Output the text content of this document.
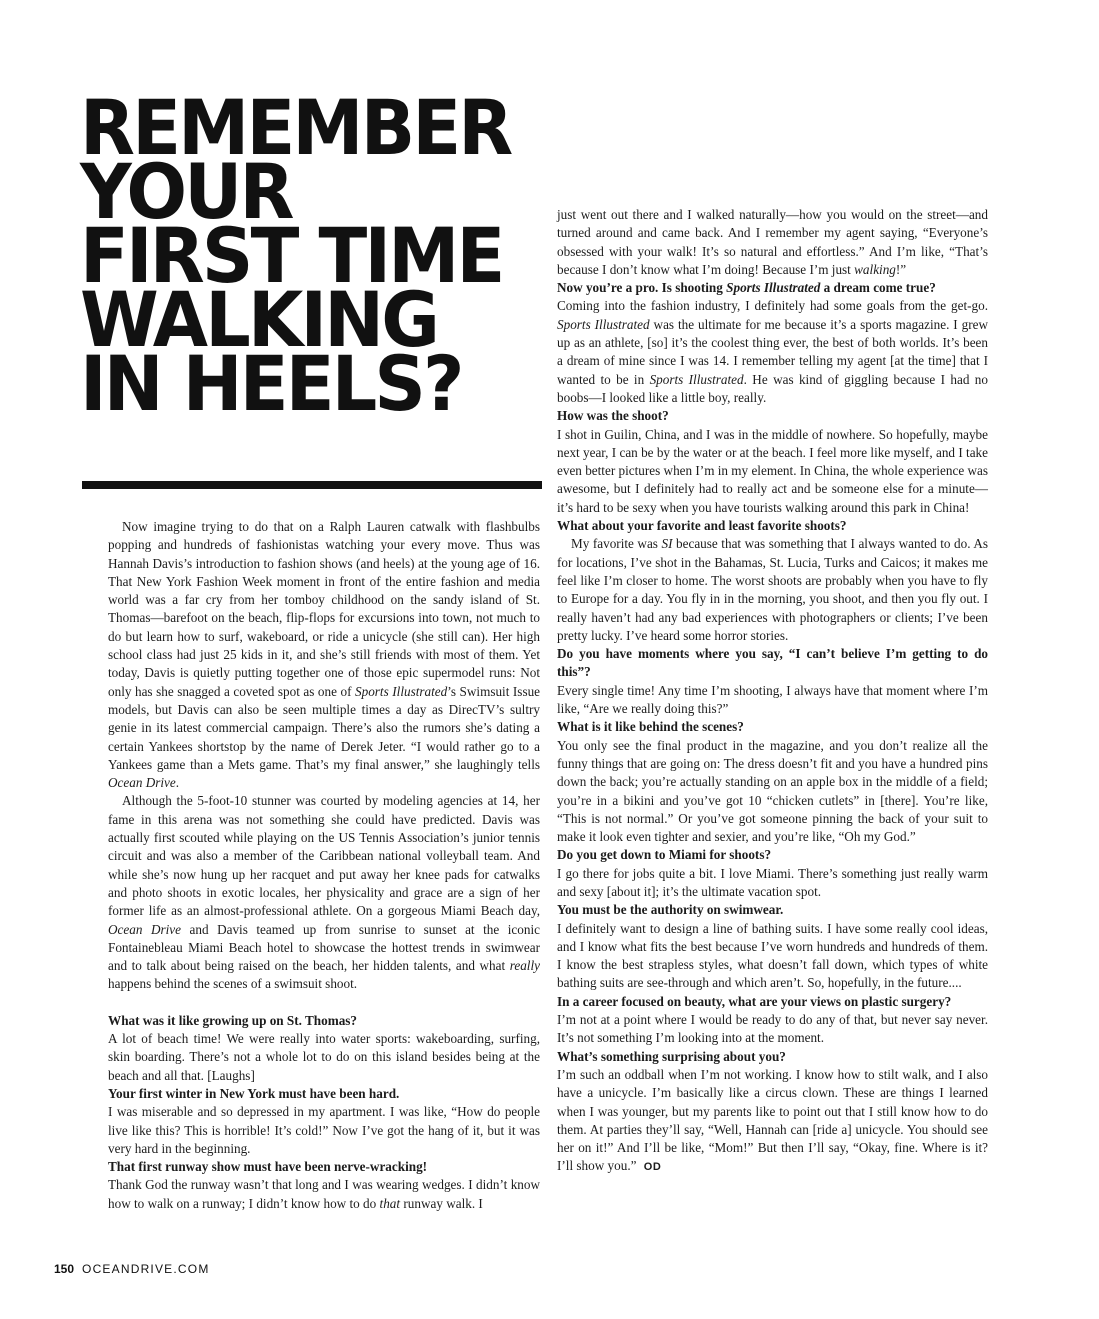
REMEMBER
YOUR
FIRST TIME
WALKING
IN HEELS?

Now imagine trying to do that on a Ralph Lauren catwalk with flashbulbs popping and hundreds of fashionistas watching your every move. Thus was Hannah Davis’s introduction to fashion shows (and heels) at the young age of 16. That New York Fashion Week moment in front of the entire fashion and media world was a far cry from her tomboy childhood on the sandy island of St. Thomas—barefoot on the beach, flip-flops for excursions into town, not much to do but learn how to surf, wakeboard, or ride a unicycle (she still can). Her high school class had just 25 kids in it, and she’s still friends with most of them. Yet today, Davis is quietly putting together one of those epic supermodel runs: Not only has she snagged a coveted spot as one of Sports Illustrated’s Swimsuit Issue models, but Davis can also be seen multiple times a day as DirecTV’s sultry genie in its latest commercial campaign. There’s also the rumors she’s dating a certain Yankees shortstop by the name of Derek Jeter. “I would rather go to a Yankees game than a Mets game. That’s my final answer,” she laughingly tells Ocean Drive.

Although the 5-foot-10 stunner was courted by modeling agencies at 14, her fame in this arena was not something she could have predicted. Davis was actually first scouted while playing on the US Tennis Association’s junior tennis circuit and was also a member of the Caribbean national volleyball team. And while she’s now hung up her racquet and put away her knee pads for catwalks and photo shoots in exotic locales, her physicality and grace are a sign of her former life as an almost-professional athlete. On a gorgeous Miami Beach day, Ocean Drive and Davis teamed up from sunrise to sunset at the iconic Fontainebleau Miami Beach hotel to showcase the hottest trends in swimwear and to talk about being raised on the beach, her hidden talents, and what really happens behind the scenes of a swimsuit shoot.

What was it like growing up on St. Thomas?

A lot of beach time! We were really into water sports: wakeboarding, surfing, skin boarding. There’s not a whole lot to do on this island besides being at the beach and all that. [Laughs]

Your first winter in New York must have been hard.

I was miserable and so depressed in my apartment. I was like, “How do people live like this? This is horrible! It’s cold!” Now I’ve got the hang of it, but it was very hard in the beginning.

That first runway show must have been nerve-wracking!

Thank God the runway wasn’t that long and I was wearing wedges. I didn’t know how to walk on a runway; I didn’t know how to do that runway walk. I

just went out there and I walked naturally—how you would on the street—and turned around and came back. And I remember my agent saying, “Everyone’s obsessed with your walk! It’s so natural and effortless.” And I’m like, “That’s because I don’t know what I’m doing! Because I’m just walking!”

Now you’re a pro. Is shooting Sports Illustrated a dream come true?

Coming into the fashion industry, I definitely had some goals from the get-go. Sports Illustrated was the ultimate for me because it’s a sports magazine. I grew up as an athlete, [so] it’s the coolest thing ever, the best of both worlds. It’s been a dream of mine since I was 14. I remember telling my agent [at the time] that I wanted to be in Sports Illustrated. He was kind of giggling because I had no boobs—I looked like a little boy, really.

How was the shoot?

I shot in Guilin, China, and I was in the middle of nowhere. So hopefully, maybe next year, I can be by the water or at the beach. I feel more like myself, and I take even better pictures when I’m in my element. In China, the whole experience was awesome, but I definitely had to really act and be someone else for a minute—it’s hard to be sexy when you have tourists walking around this park in China!

What about your favorite and least favorite shoots?

My favorite was SI because that was something that I always wanted to do. As for locations, I’ve shot in the Bahamas, St. Lucia, Turks and Caicos; it makes me feel like I’m closer to home. The worst shoots are probably when you have to fly to Europe for a day. You fly in in the morning, you shoot, and then you fly out. I really haven’t had any bad experiences with photographers or clients; I’ve been pretty lucky. I’ve heard some horror stories.

Do you have moments where you say, “I can’t believe I’m getting to do this”?

Every single time! Any time I’m shooting, I always have that moment where I’m like, “Are we really doing this?”

What is it like behind the scenes?

You only see the final product in the magazine, and you don’t realize all the funny things that are going on: The dress doesn’t fit and you have a hundred pins down the back; you’re actually standing on an apple box in the middle of a field; you’re in a bikini and you’ve got 10 “chicken cutlets” in [there]. You’re like, “This is not normal.” Or you’ve got someone pinning the back of your suit to make it look even tighter and sexier, and you’re like, “Oh my God.”

Do you get down to Miami for shoots?

I go there for jobs quite a bit. I love Miami. There’s something just really warm and sexy [about it]; it’s the ultimate vacation spot.

You must be the authority on swimwear.

I definitely want to design a line of bathing suits. I have some really cool ideas, and I know what fits the best because I’ve worn hundreds and hundreds of them. I know the best strapless styles, what doesn’t fall down, which types of white bathing suits are see-through and which aren’t. So, hopefully, in the future....

In a career focused on beauty, what are your views on plastic surgery?

I’m not at a point where I would be ready to do any of that, but never say never. It’s not something I’m looking into at the moment.

What’s something surprising about you?

I’m such an oddball when I’m not working. I know how to stilt walk, and I also have a unicycle. I’m basically like a circus clown. These are things I learned when I was younger, but my parents like to point out that I still know how to do them. At parties they’ll say, “Well, Hannah can [ride a] unicycle. You should see her on it!” And I’ll be like, “Mom!” But then I’ll say, “Okay, fine. Where is it? I’ll show you.” OD

150 OCEANDRIVE.COM
